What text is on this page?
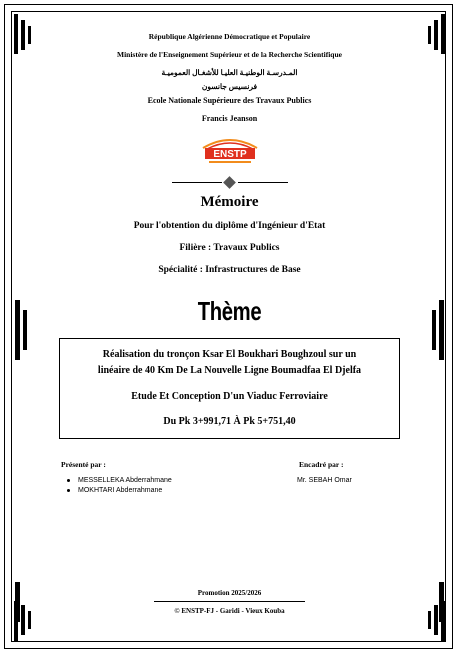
République Algérienne Démocratique et Populaire
Ministère de l'Enseignement Supérieur et de la Recherche Scientifique
المـدرسـة الوطنيـة العليـا للأشغـال العموميـة
فرنسيس جانسون
Ecole Nationale Supérieure des Travaux Publics
Francis Jeanson
ENSTP
Mémoire
Pour l'obtention du diplôme d'Ingénieur d'Etat
Filière : Travaux Publics
Spécialité : Infrastructures de Base
Thème
Réalisation du tronçon Ksar El Boukhari Boughzoul sur un
linéaire de 40 Km De La Nouvelle Ligne Boumadfaa El Djelfa
Etude Et Conception D'un Viaduc Ferroviaire
Du Pk 3+991,71 À Pk 5+751,40
Présenté par :
MESSELLEKA Abderrahmane
MOKHTARI Abderrahmane
Encadré par :
Mr. SEBAH Omar
Promotion 2025/2026
© ENSTP-FJ - Garidi - Vieux Kouba
